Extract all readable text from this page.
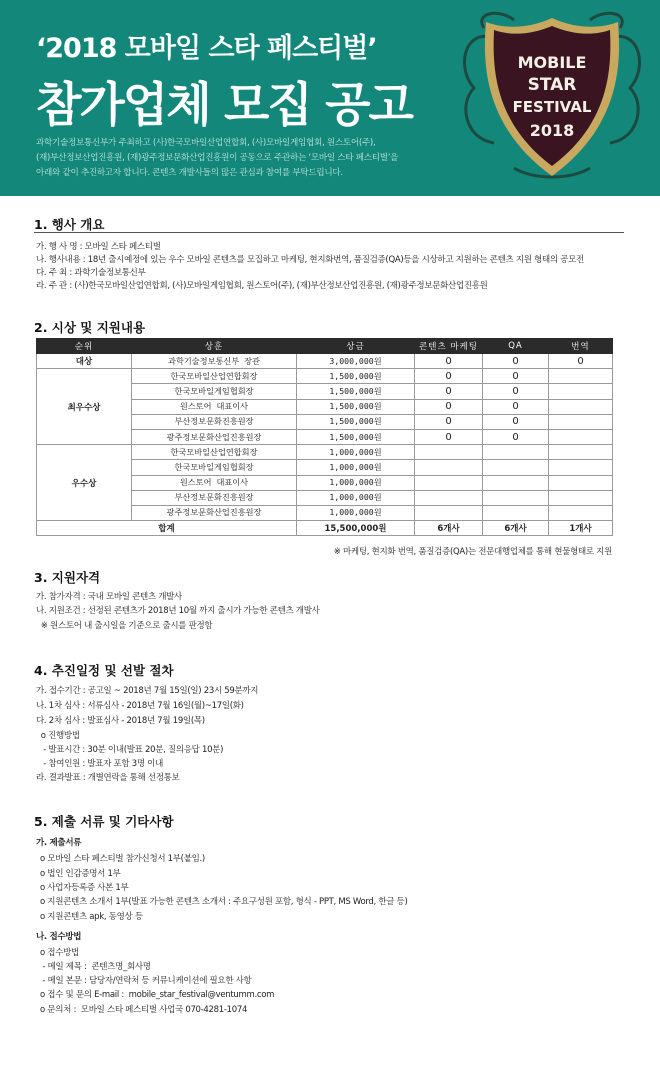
‘2018 모바일 스타 페스티벌’
참가업체 모집 공고

과학기술정보통신부가 주최하고 (사)한국모바일산업연합회, (사)모바일게임협회, 원스토어(주),

(재)부산정보산업진흥원, (재)광주정보문화산업진흥원이 공동으로 주관하는 ‘모바일 스타 페스티벌’을

아래와 같이 추진하고자 합니다. 콘텐츠 개발사들의 많은 관심과 참여를 부탁드립니다.

MOBILE
STAR
FESTIVAL
2018
1. 행사 개요
가. 행 사 명 : 모바일 스타 페스티벌
나. 행사내용 : 18년 출시예정에 있는 우수 모바일 콘텐츠를 모집하고 마케팅, 현지화번역, 품질검증(QA)등을 시상하고 지원하는 콘텐츠 지원 형태의 공모전
다. 주 최 : 과학기술정보통신부
라. 주 관 : (사)한국모바일산업연합회, (사)모바일게임협회, 원스토어(주), (재)부산정보산업진흥원, (재)광주정보문화산업진흥원
2. 시상 및 지원내용
순위	상훈	상금	콘텐츠 마케팅	QA	번역
대상	과학기술정보통신부 장관	3,000,000원	0	0	0
최우수상	한국모바일산업연합회장	1,500,000원	0	0	
	한국모바일게임협회장	1,500,000원	0	0	
	원스토어 대표이사	1,500,000원	0	0	
	부산정보문화진흥원장	1,500,000원	0	0	
	광주정보문화산업진흥원장	1,500,000원	0	0	
우수상	한국모바일산업연합회장	1,000,000원			
	한국모바일게임협회장	1,000,000원			
	원스토어 대표이사	1,000,000원			
	부산정보문화진흥원장	1,000,000원			
	광주정보문화산업진흥원장	1,000,000원			
합계		15,500,000원	6개사	6개사	1개사
※ 마케팅, 현지화 번역, 품질검증(QA)는 전문대행업체를 통해 현물형태로 지원
3. 지원자격
가. 참가자격 : 국내 모바일 콘텐츠 개발사
나. 지원조건 : 선정된 콘텐츠가 2018년 10월 까지 출시가 가능한 콘텐츠 개발사
※ 원스토어 내 출시일을 기준으로 출시를 판정함
4. 추진일정 및 선발 절차
가. 접수기간 : 공고일 ~ 2018년 7월 15일(일) 23시 59분까지
나. 1차 심사 : 서류심사 - 2018년 7월 16일(월)~17일(화)
다. 2차 심사 : 발표심사 - 2018년 7월 19일(목)
o 진행방법
- 발표시간 : 30분 이내(발표 20분, 질의응답 10분)
- 참여인원 : 발표자 포함 3명 이내
라. 결과발표 : 개별연락을 통해 선정통보
5. 제출 서류 및 기타사항
가. 제출서류
o 모바일 스타 페스티벌 참가신청서 1부(붙임.)
o 법인 인감증명서 1부
o 사업자등록증 사본 1부
o 지원콘텐츠 소개서 1부(발표 가능한 콘텐츠 소개서 : 주요구성원 포함, 형식 - PPT, MS Word, 한글 등)
o 지원콘텐츠 apk, 동영상 등
나. 접수방법
o 접수방법
- 메일 제목 :  콘텐츠명_회사명
- 메일 본문 : 담당자/연락처 등 커뮤니케이션에 필요한 사항
o 접수 및 문의 E-mail :  mobile_star_festival@ventumm.com
o 문의처 :  모바일 스타 페스티벌 사업국 070-4281-1074
